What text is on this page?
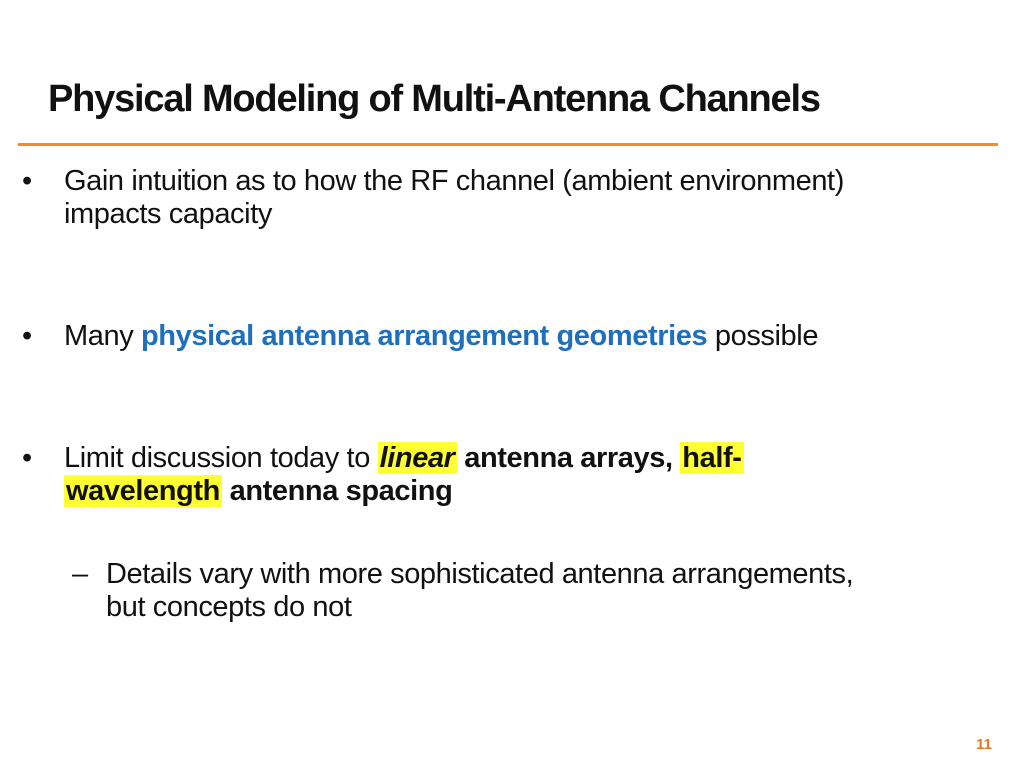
Physical Modeling of Multi-Antenna Channels
• Gain intuition as to how the RF channel (ambient environment)
impacts capacity
• Many physical antenna arrangement geometries possible
• Limit discussion today to linear antenna arrays, half-
wavelength antenna spacing
– Details vary with more sophisticated antenna arrangements,
but concepts do not
11
